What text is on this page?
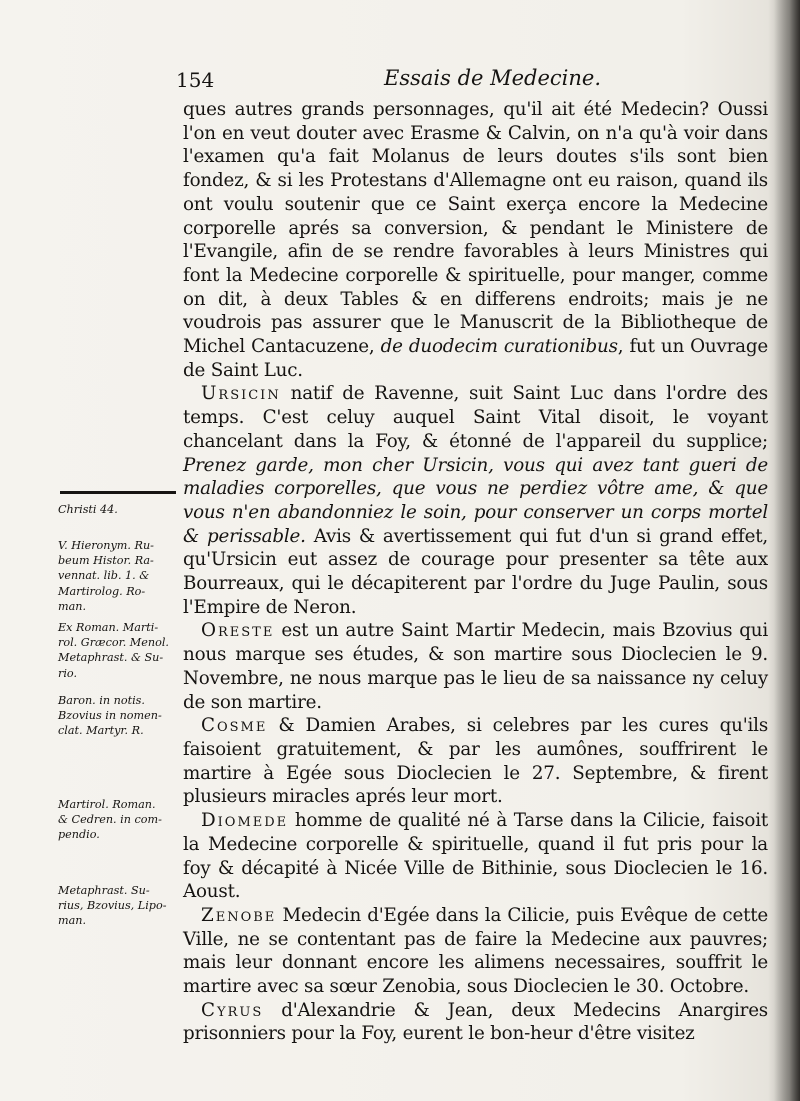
154	Essais de Medecine.

ques autres grands personnages, qu'il ait été Medecin? Oussi l'on en veut douter avec Erasme & Calvin, on n'a qu'à voir dans l'examen qu'a fait Molanus de leurs doutes s'ils sont bien fondez, & si les Protestans d'Allemagne ont eu raison, quand ils ont voulu soutenir que ce Saint exerça encore la Medecine corporelle aprés sa conversion, & pendant le Ministere de l'Evangile, afin de se rendre favorables à leurs Ministres qui font la Medecine corporelle & spirituelle, pour manger, comme on dit, à deux Tables & en differens endroits; mais je ne voudrois pas assurer que le Manuscrit de la Bibliotheque de Michel Cantacuzene, de duodecim curationibus, fut un Ouvrage de Saint Luc.

Ursicin natif de Ravenne, suit Saint Luc dans l'ordre des temps. C'est celuy auquel Saint Vital disoit, le voyant chancelant dans la Foy, & étonné de l'appareil du supplice; Prenez garde, mon cher Ursicin, vous qui avez tant gueri de maladies corporelles, que vous ne perdiez vôtre ame, & que vous n'en abandonniez le soin, pour conserver un corps mortel & perissable. Avis & avertissement qui fut d'un si grand effet, qu'Ursicin eut assez de courage pour presenter sa tête aux Bourreaux, qui le décapiterent par l'ordre du Juge Paulin, sous l'Empire de Neron.

Oreste est un autre Saint Martir Medecin, mais Bzovius qui nous marque ses études, & son martire sous Dioclecien le 9. Novembre, ne nous marque pas le lieu de sa naissance ny celuy de son martire.

Cosme & Damien Arabes, si celebres par les cures qu'ils faisoient gratuitement, & par les aumônes, souffrirent le martire à Egée sous Dioclecien le 27. Septembre, & firent plusieurs miracles aprés leur mort.

Diomede homme de qualité né à Tarse dans la Cilicie, faisoit la Medecine corporelle & spirituelle, quand il fut pris pour la foy & décapité à Nicée Ville de Bithinie, sous Dioclecien le 16. Aoust.

Zenobe Medecin d'Egée dans la Cilicie, puis Evêque de cette Ville, ne se contentant pas de faire la Medecine aux pauvres; mais leur donnant encore les alimens necessaires, souffrit le martire avec sa sœur Zenobia, sous Dioclecien le 30. Octobre.

Cyrus d'Alexandrie & Jean, deux Medecins Anargires prisonniers pour la Foy, eurent le bon-heur d'être visitez

Christi 44.
V. Hieronym. Ru-
beum Histor. Ra-
vennat. lib. 1. &
Martirolog. Ro-
man.
Ex Roman. Marti-
rol. Græcor. Menol.
Metaphrast. & Su-
rio.
Baron. in notis.
Bzovius in nomen-
clat. Martyr. R.
Martirol. Roman.
& Cedren. in com-
pendio.
Metaphrast. Su-
rius, Bzovius, Lipo-
man.
